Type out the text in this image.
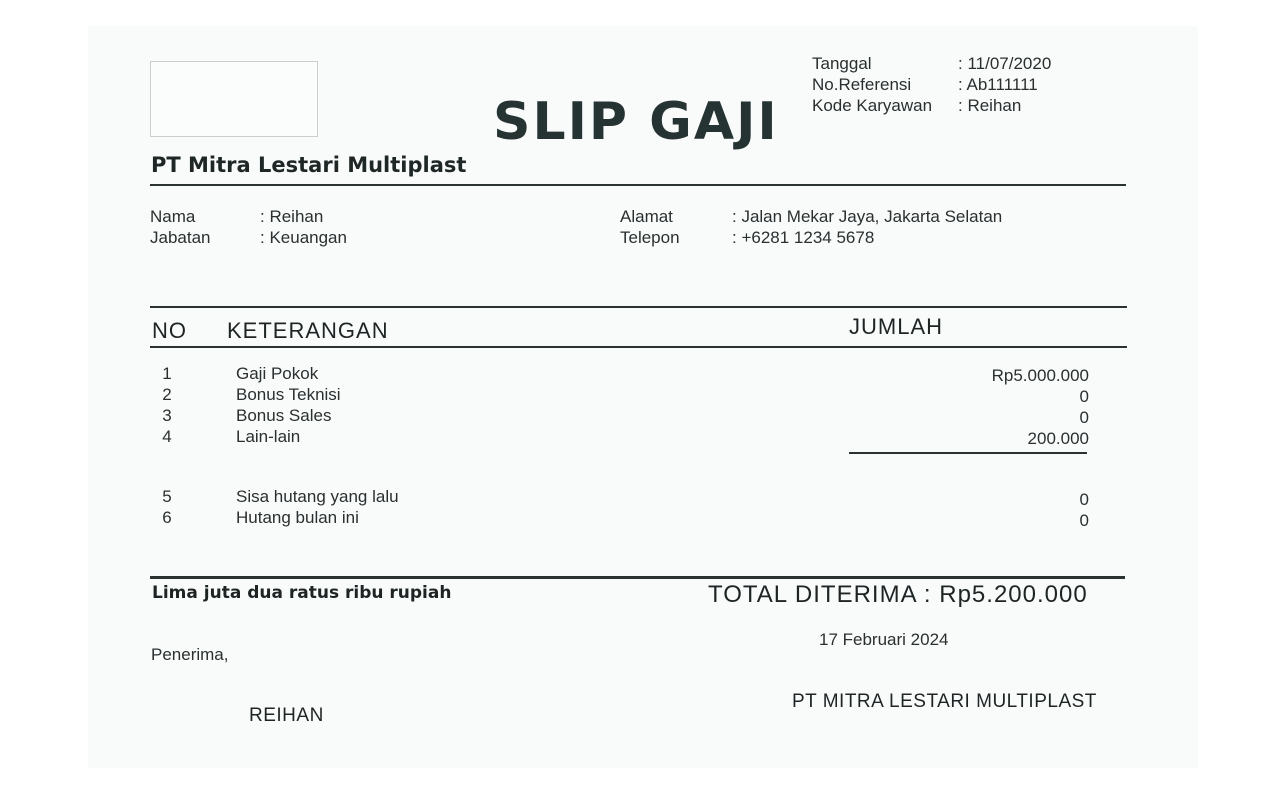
SLIP GAJI
PT Mitra Lestari Multiplast
Tanggal
No.Referensi
Kode Karyawan
: 11/07/2020
: Ab111111
: Reihan
Nama
Jabatan
: Reihan
: Keuangan
Alamat
Telepon
: Jalan Mekar Jaya, Jakarta Selatan
: +6281 1234 5678
NO KETERANGAN	JUMLAH
1
2
3
4
Gaji Pokok
Bonus Teknisi
Bonus Sales
Lain-lain
Rp5.000.000
0
0
200.000
5
6
Sisa hutang yang lalu
Hutang bulan ini
0
0
Lima juta dua ratus ribu rupiah	TOTAL DITERIMA : Rp5.200.000
17 Februari 2024
Penerima,
PT MITRA LESTARI MULTIPLAST
REIHAN
